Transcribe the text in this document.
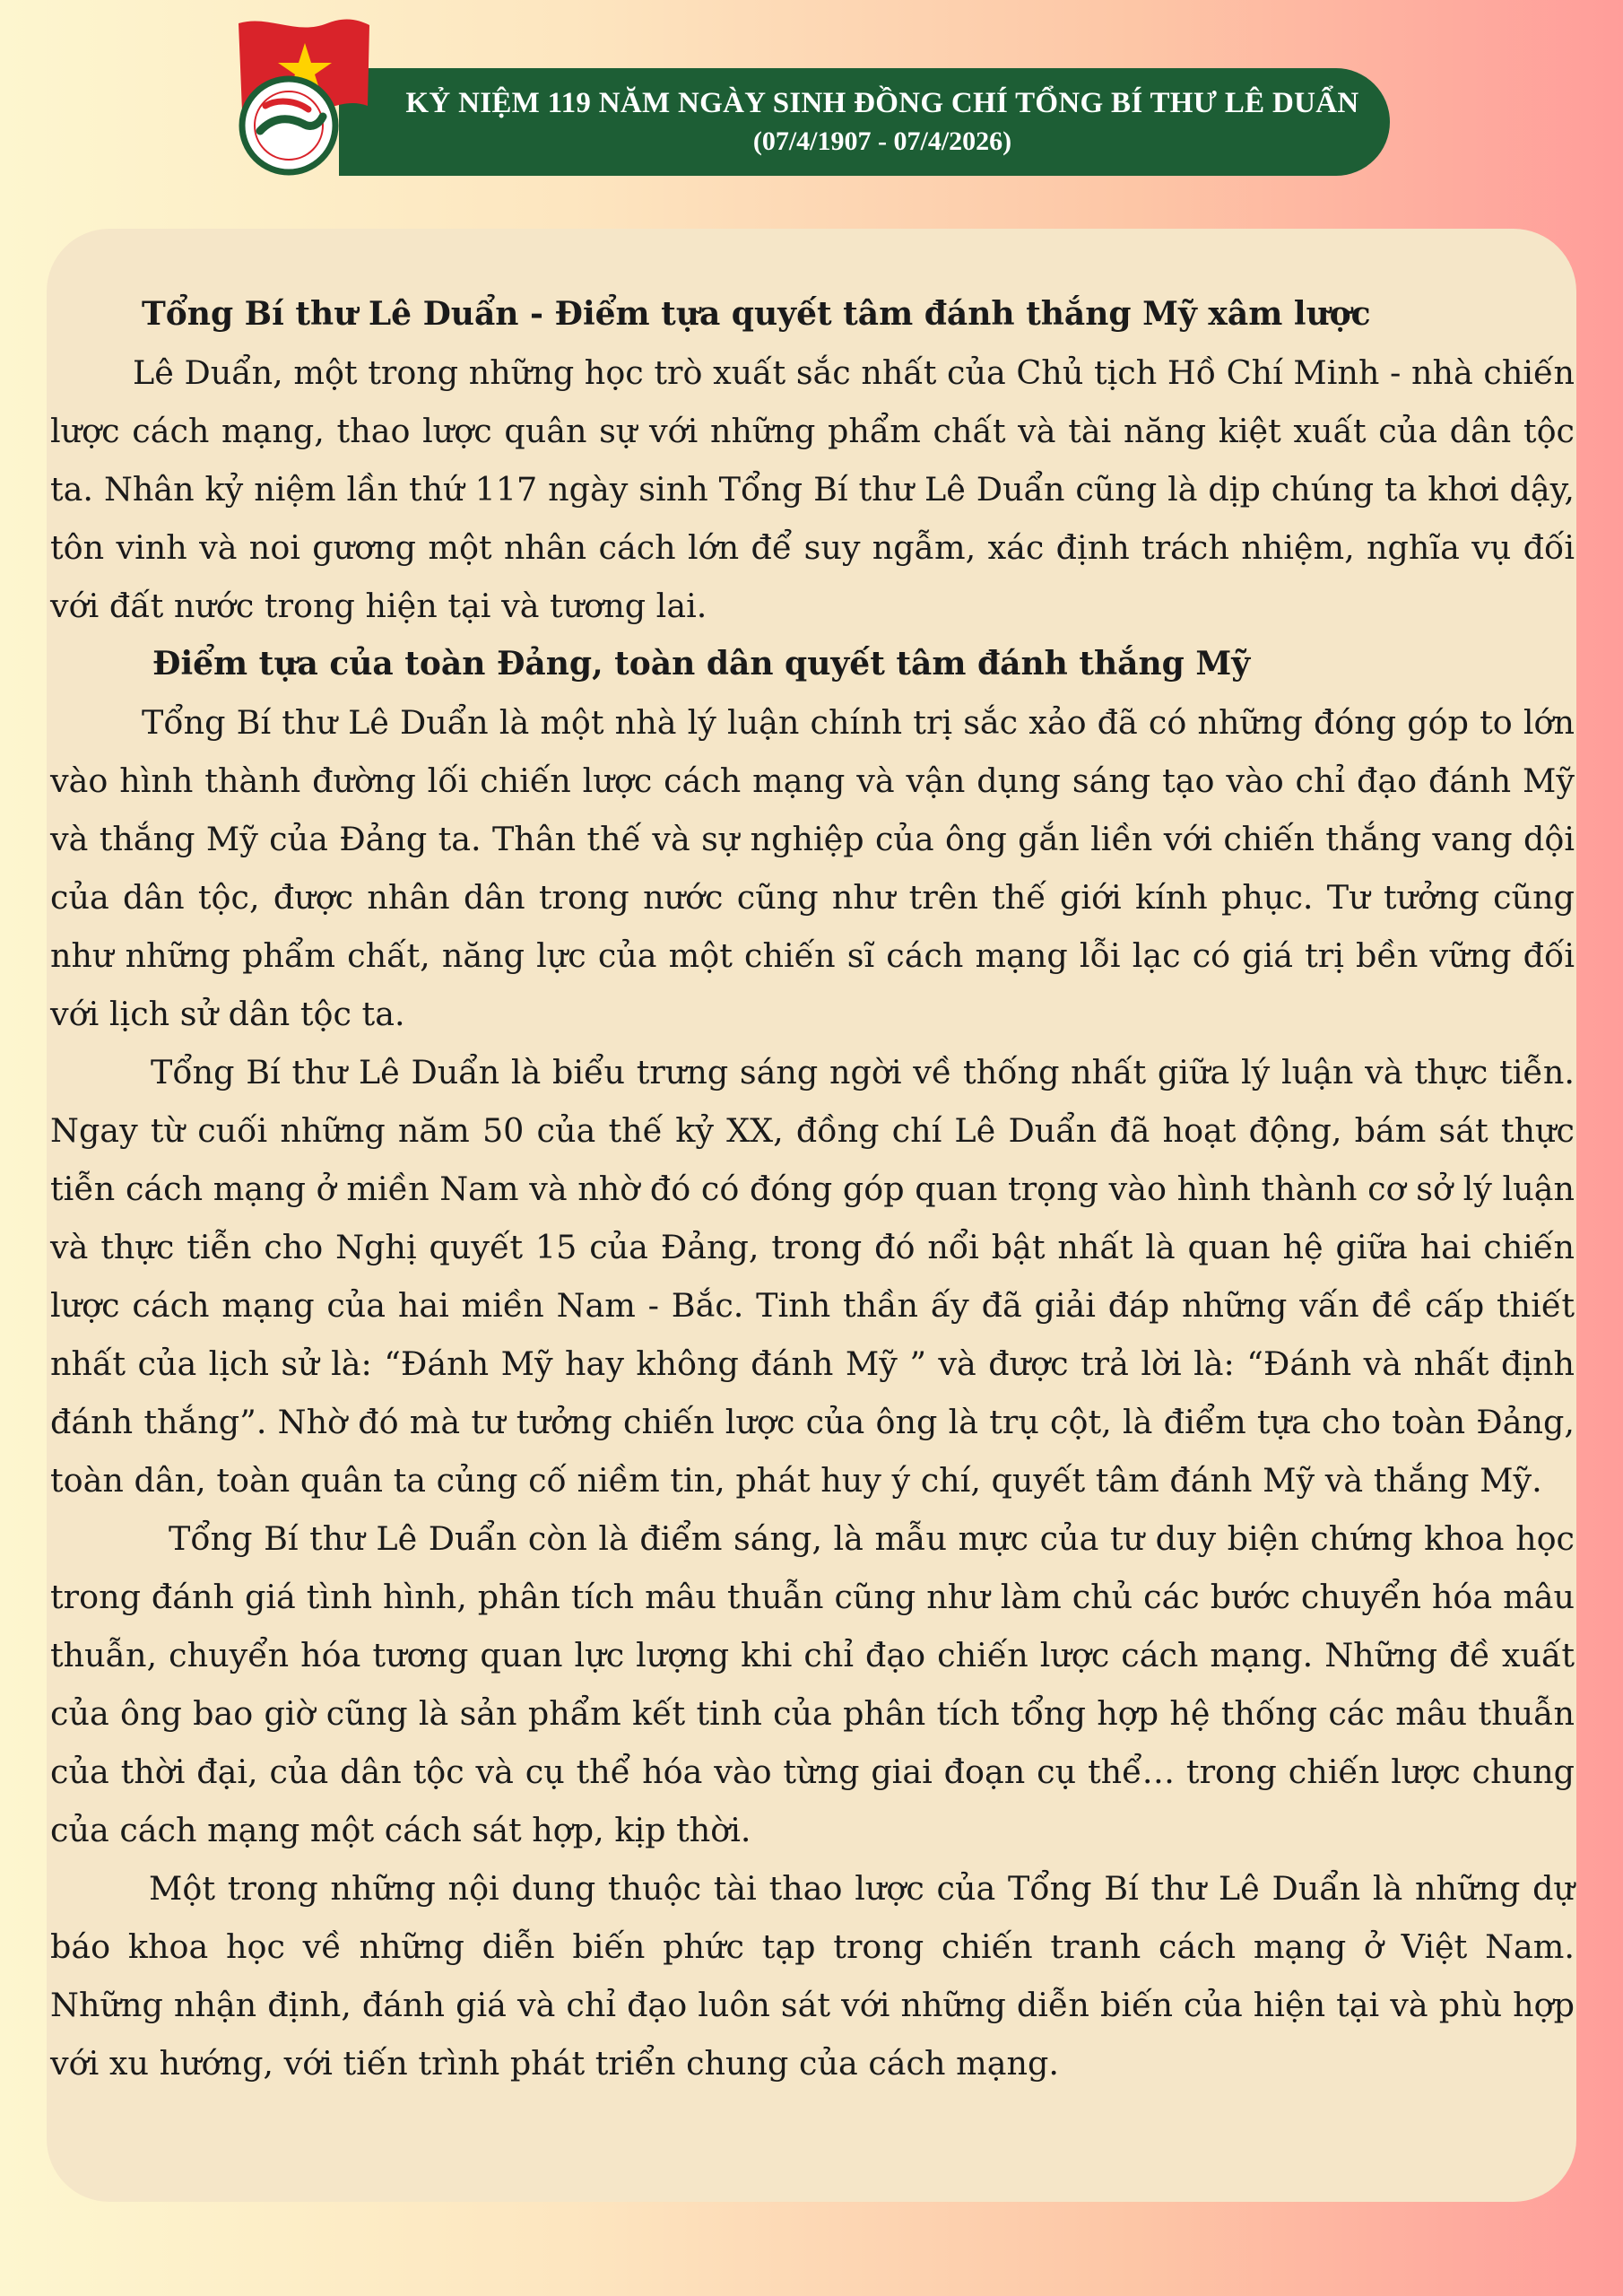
KỶ NIỆM 119 NĂM NGÀY SINH ĐỒNG CHÍ TỔNG BÍ THƯ LÊ DUẨN
(07/4/1907 - 07/4/2026)

Tổng Bí thư Lê Duẩn - Điểm tựa quyết tâm đánh thắng Mỹ xâm lược

Lê Duẩn, một trong những học trò xuất sắc nhất của Chủ tịch Hồ Chí Minh - nhà chiến lược cách mạng, thao lược quân sự với những phẩm chất và tài năng kiệt xuất của dân tộc ta. Nhân kỷ niệm lần thứ 117 ngày sinh Tổng Bí thư Lê Duẩn cũng là dịp chúng ta khơi dậy, tôn vinh và noi gương một nhân cách lớn để suy ngẫm, xác định trách nhiệm, nghĩa vụ đối với đất nước trong hiện tại và tương lai.

Điểm tựa của toàn Đảng, toàn dân quyết tâm đánh thắng Mỹ

Tổng Bí thư Lê Duẩn là một nhà lý luận chính trị sắc xảo đã có những đóng góp to lớn vào hình thành đường lối chiến lược cách mạng và vận dụng sáng tạo vào chỉ đạo đánh Mỹ và thắng Mỹ của Đảng ta. Thân thế và sự nghiệp của ông gắn liền với chiến thắng vang dội của dân tộc, được nhân dân trong nước cũng như trên thế giới kính phục. Tư tưởng cũng như những phẩm chất, năng lực của một chiến sĩ cách mạng lỗi lạc có giá trị bền vững đối với lịch sử dân tộc ta.

Tổng Bí thư Lê Duẩn là biểu trưng sáng ngời về thống nhất giữa lý luận và thực tiễn. Ngay từ cuối những năm 50 của thế kỷ XX, đồng chí Lê Duẩn đã hoạt động, bám sát thực tiễn cách mạng ở miền Nam và nhờ đó có đóng góp quan trọng vào hình thành cơ sở lý luận và thực tiễn cho Nghị quyết 15 của Đảng, trong đó nổi bật nhất là quan hệ giữa hai chiến lược cách mạng của hai miền Nam - Bắc. Tinh thần ấy đã giải đáp những vấn đề cấp thiết nhất của lịch sử là: “Đánh Mỹ hay không đánh Mỹ ” và được trả lời là: “Đánh và nhất định đánh thắng”. Nhờ đó mà tư tưởng chiến lược của ông là trụ cột, là điểm tựa cho toàn Đảng, toàn dân, toàn quân ta củng cố niềm tin, phát huy ý chí, quyết tâm đánh Mỹ và thắng Mỹ.

Tổng Bí thư Lê Duẩn còn là điểm sáng, là mẫu mực của tư duy biện chứng khoa học trong đánh giá tình hình, phân tích mâu thuẫn cũng như làm chủ các bước chuyển hóa mâu thuẫn, chuyển hóa tương quan lực lượng khi chỉ đạo chiến lược cách mạng. Những đề xuất của ông bao giờ cũng là sản phẩm kết tinh của phân tích tổng hợp hệ thống các mâu thuẫn của thời đại, của dân tộc và cụ thể hóa vào từng giai đoạn cụ thể… trong chiến lược chung của cách mạng một cách sát hợp, kịp thời.

Một trong những nội dung thuộc tài thao lược của Tổng Bí thư Lê Duẩn là những dự báo khoa học về những diễn biến phức tạp trong chiến tranh cách mạng ở Việt Nam. Những nhận định, đánh giá và chỉ đạo luôn sát với những diễn biến của hiện tại và phù hợp với xu hướng, với tiến trình phát triển chung của cách mạng.
